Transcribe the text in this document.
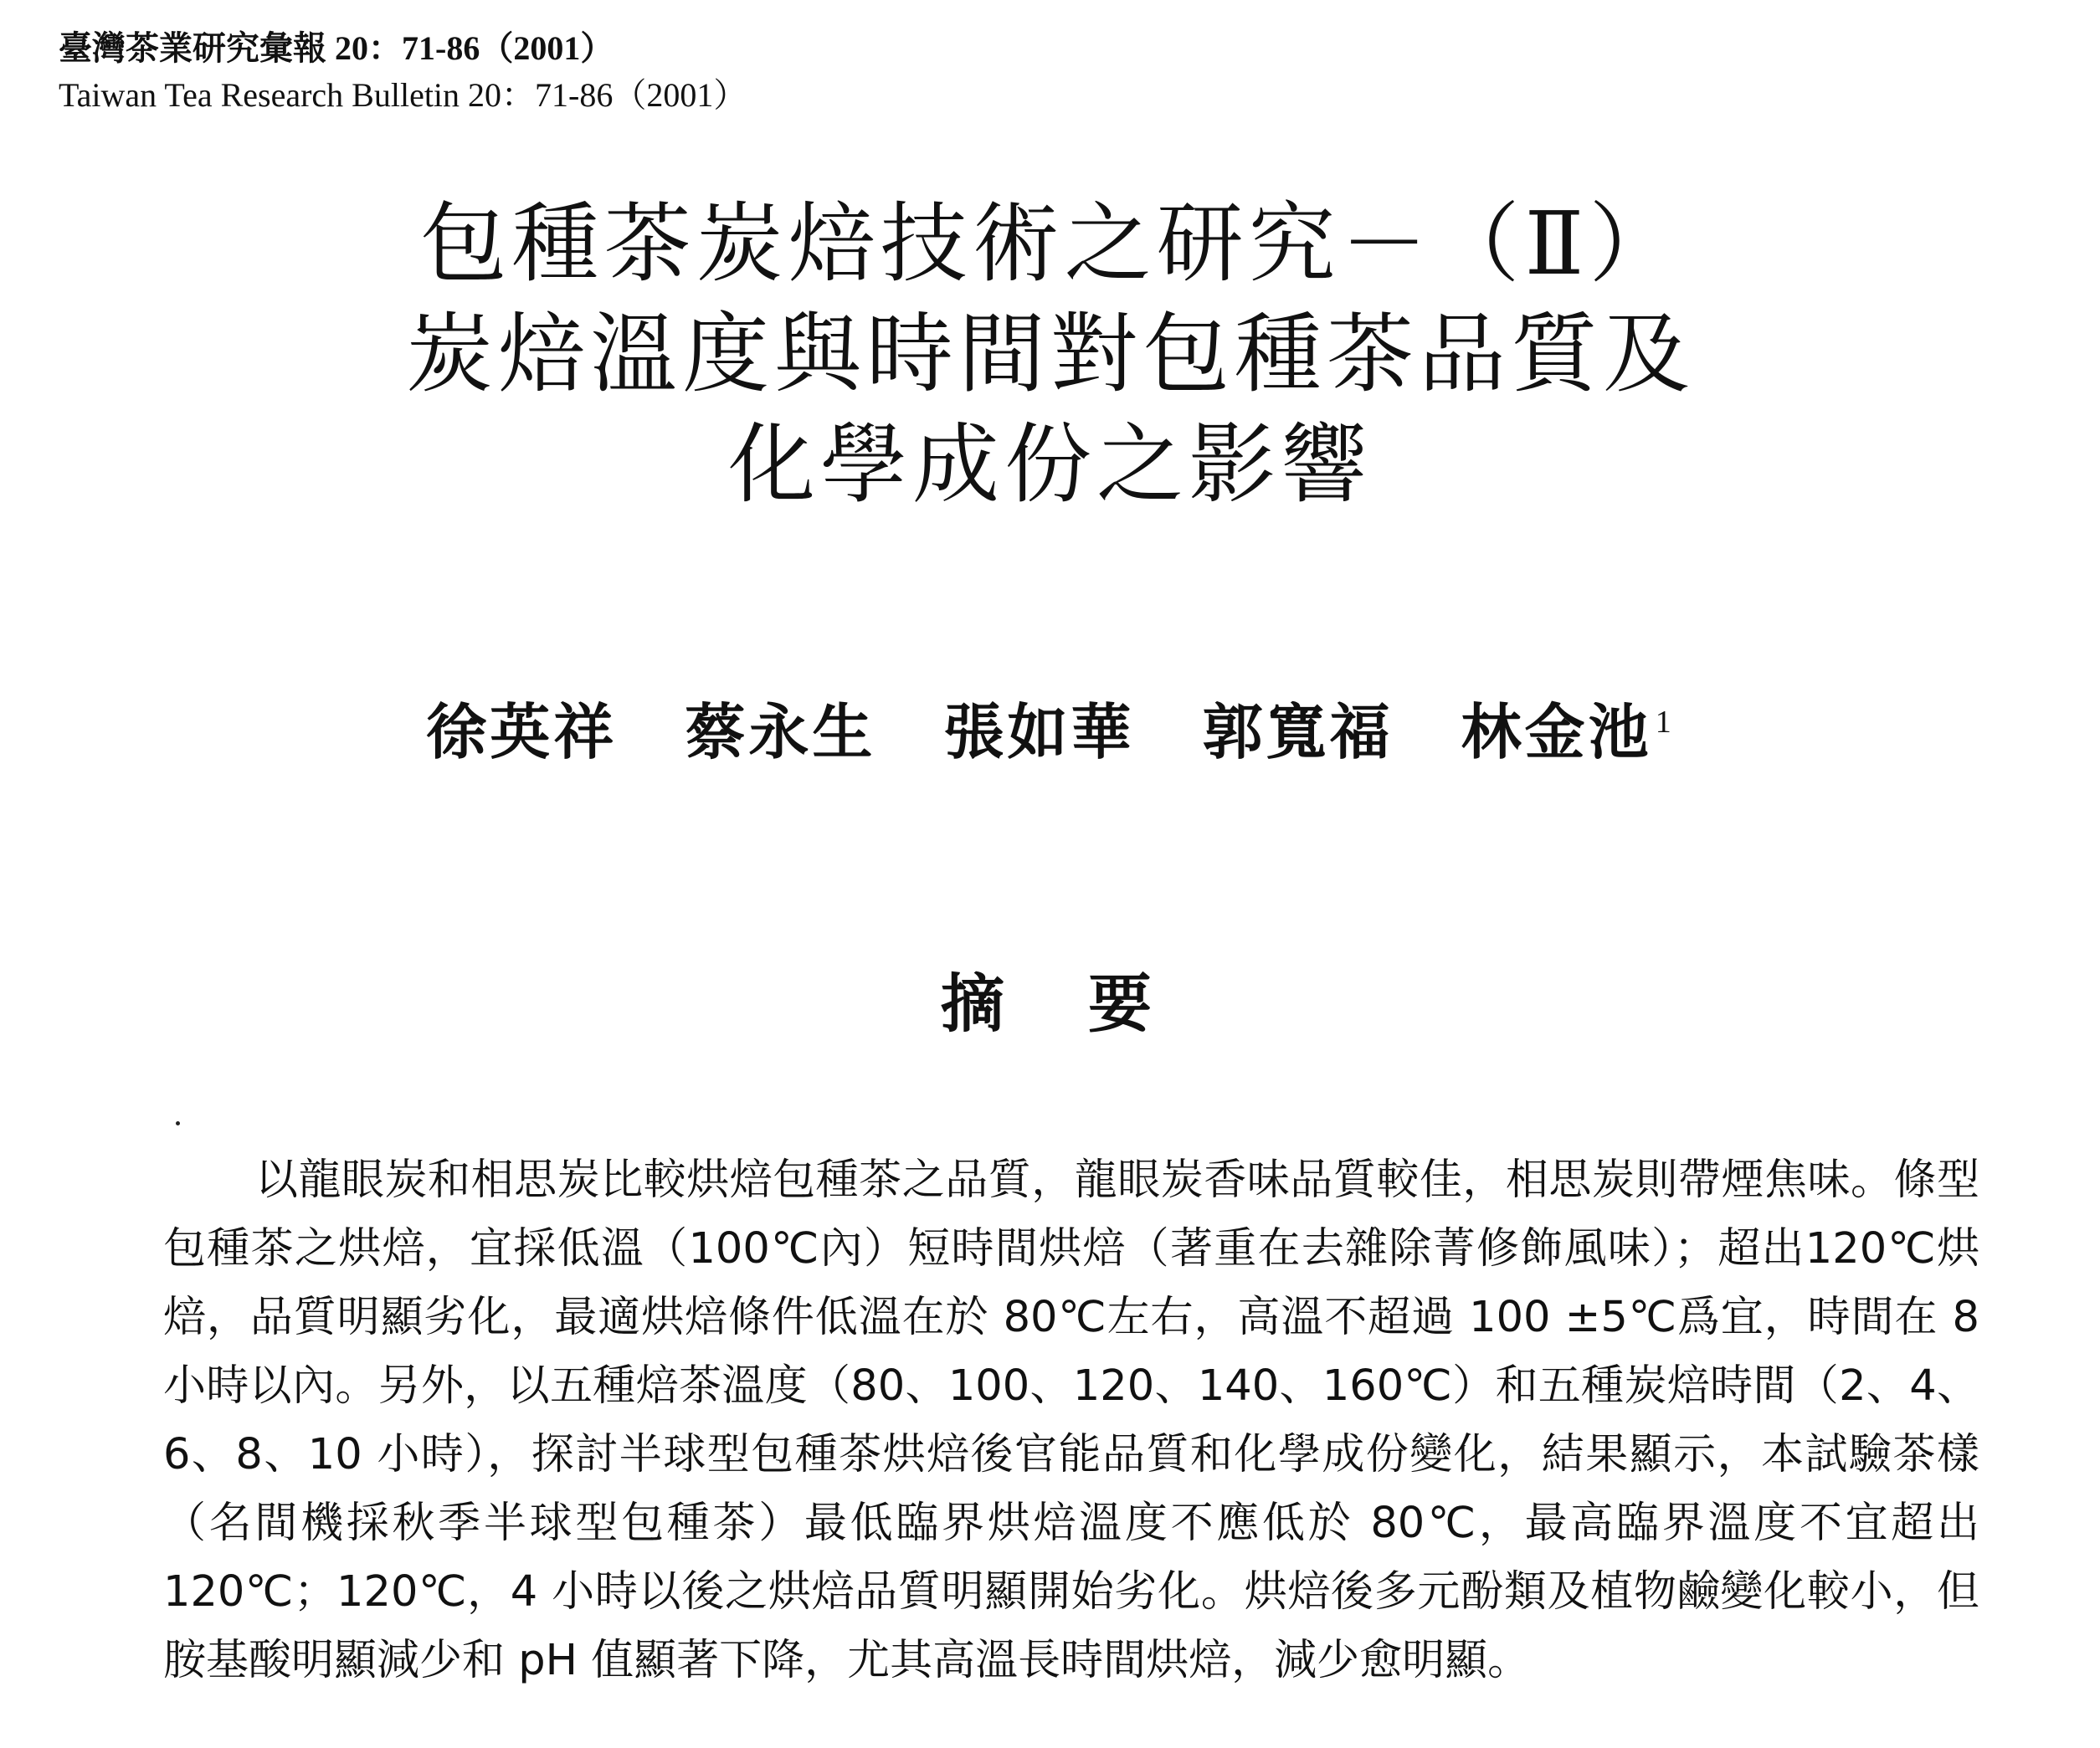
臺灣茶業研究彙報 20：71-86（2001）
Taiwan Tea Research Bulletin 20：71-86（2001）
包種茶炭焙技術之研究－（Ⅱ）
炭焙溫度與時間對包種茶品質及
化學成份之影響
徐英祥 蔡永生 張如華 郭寬福 林金池 $^1$
摘要

以龍眼炭和相思炭比較烘焙包種茶之品質，龍眼炭香味品質較佳，相思炭則帶煙焦味。條型包種茶之烘焙，宜採低溫（100℃內）短時間烘焙（著重在去雜除菁修飾風味）；超出120℃烘焙，品質明顯劣化，最適烘焙條件低溫在於 80℃左右，高溫不超過 100 ±5℃爲宜，時間在 8 小時以內。另外，以五種焙茶溫度（80、100、120、140、160℃）和五種炭焙時間（2、4、6、8、10 小時），探討半球型包種茶烘焙後官能品質和化學成份變化，結果顯示，本試驗茶樣（名間機採秋季半球型包種茶）最低臨界烘焙溫度不應低於 80℃，最高臨界溫度不宜超出 120℃；120℃，4 小時以後之烘焙品質明顯開始劣化。烘焙後多元酚類及植物鹼變化較小，但胺基酸明顯減少和 pH 值顯著下降，尤其高溫長時間烘焙，減少愈明顯。
